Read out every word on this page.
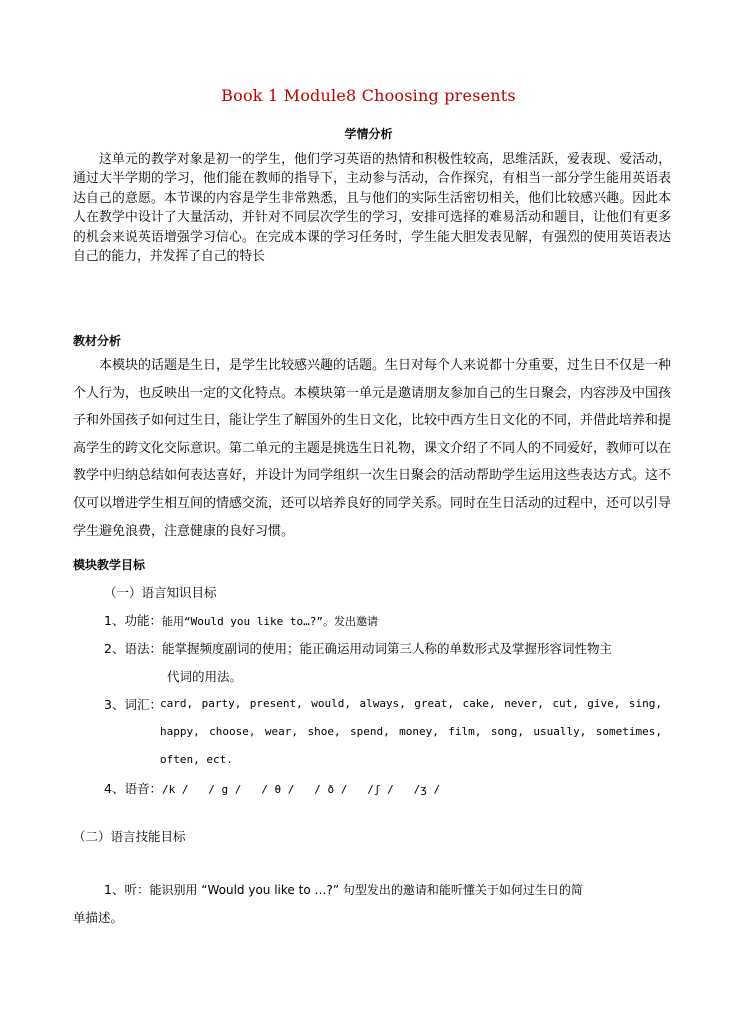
Book 1 Module8 Choosing presents
学情分析

这单元的教学对象是初一的学生，他们学习英语的热情和积极性较高，思维活跃，爱表现、爱活动，通过大半学期的学习，他们能在教师的指导下，主动参与活动，合作探究，有相当一部分学生能用英语表达自己的意愿。本节课的内容是学生非常熟悉，且与他们的实际生活密切相关，他们比较感兴趣。因此本人在教学中设计了大量活动，并针对不同层次学生的学习，安排可选择的难易活动和题目，让他们有更多的机会来说英语增强学习信心。在完成本课的学习任务时，学生能大胆发表见解，有强烈的使用英语表达自己的能力，并发挥了自己的特长

教材分析

本模块的话题是生日，是学生比较感兴趣的话题。生日对每个人来说都十分重要，过生日不仅是一种个人行为，也反映出一定的文化特点。本模块第一单元是邀请朋友参加自己的生日聚会，内容涉及中国孩子和外国孩子如何过生日，能让学生了解国外的生日文化，比较中西方生日文化的不同，并借此培养和提高学生的跨文化交际意识。第二单元的主题是挑选生日礼物，课文介绍了不同人的不同爱好，教师可以在教学中归纳总结如何表达喜好，并设计为同学组织一次生日聚会的活动帮助学生运用这些表达方式。这不仅可以增进学生相互间的情感交流，还可以培养良好的同学关系。同时在生日活动的过程中，还可以引导学生避免浪费，注意健康的良好习惯。

模块教学目标
（一）语言知识目标
1、功能：能用“Would you like to…?”。发出邀请
2、语法：能掌握频度副词的使用；能正确运用动词第三人称的单数形式及掌握形容词性物主
代词的用法。
3、词汇：
card, party, present, would, always, great, cake, never, cut, give, sing,
happy, choose, wear, shoe, spend, money, film, song, usually, sometimes,
often, ect.
4、语音：/k /   / g /   / θ /   / ð /   /ʃ /   /ʒ /
（二）语言技能目标
1、听：能识别用 “Would you like to …?” 句型发出的邀请和能听懂关于如何过生日的简
单描述。
